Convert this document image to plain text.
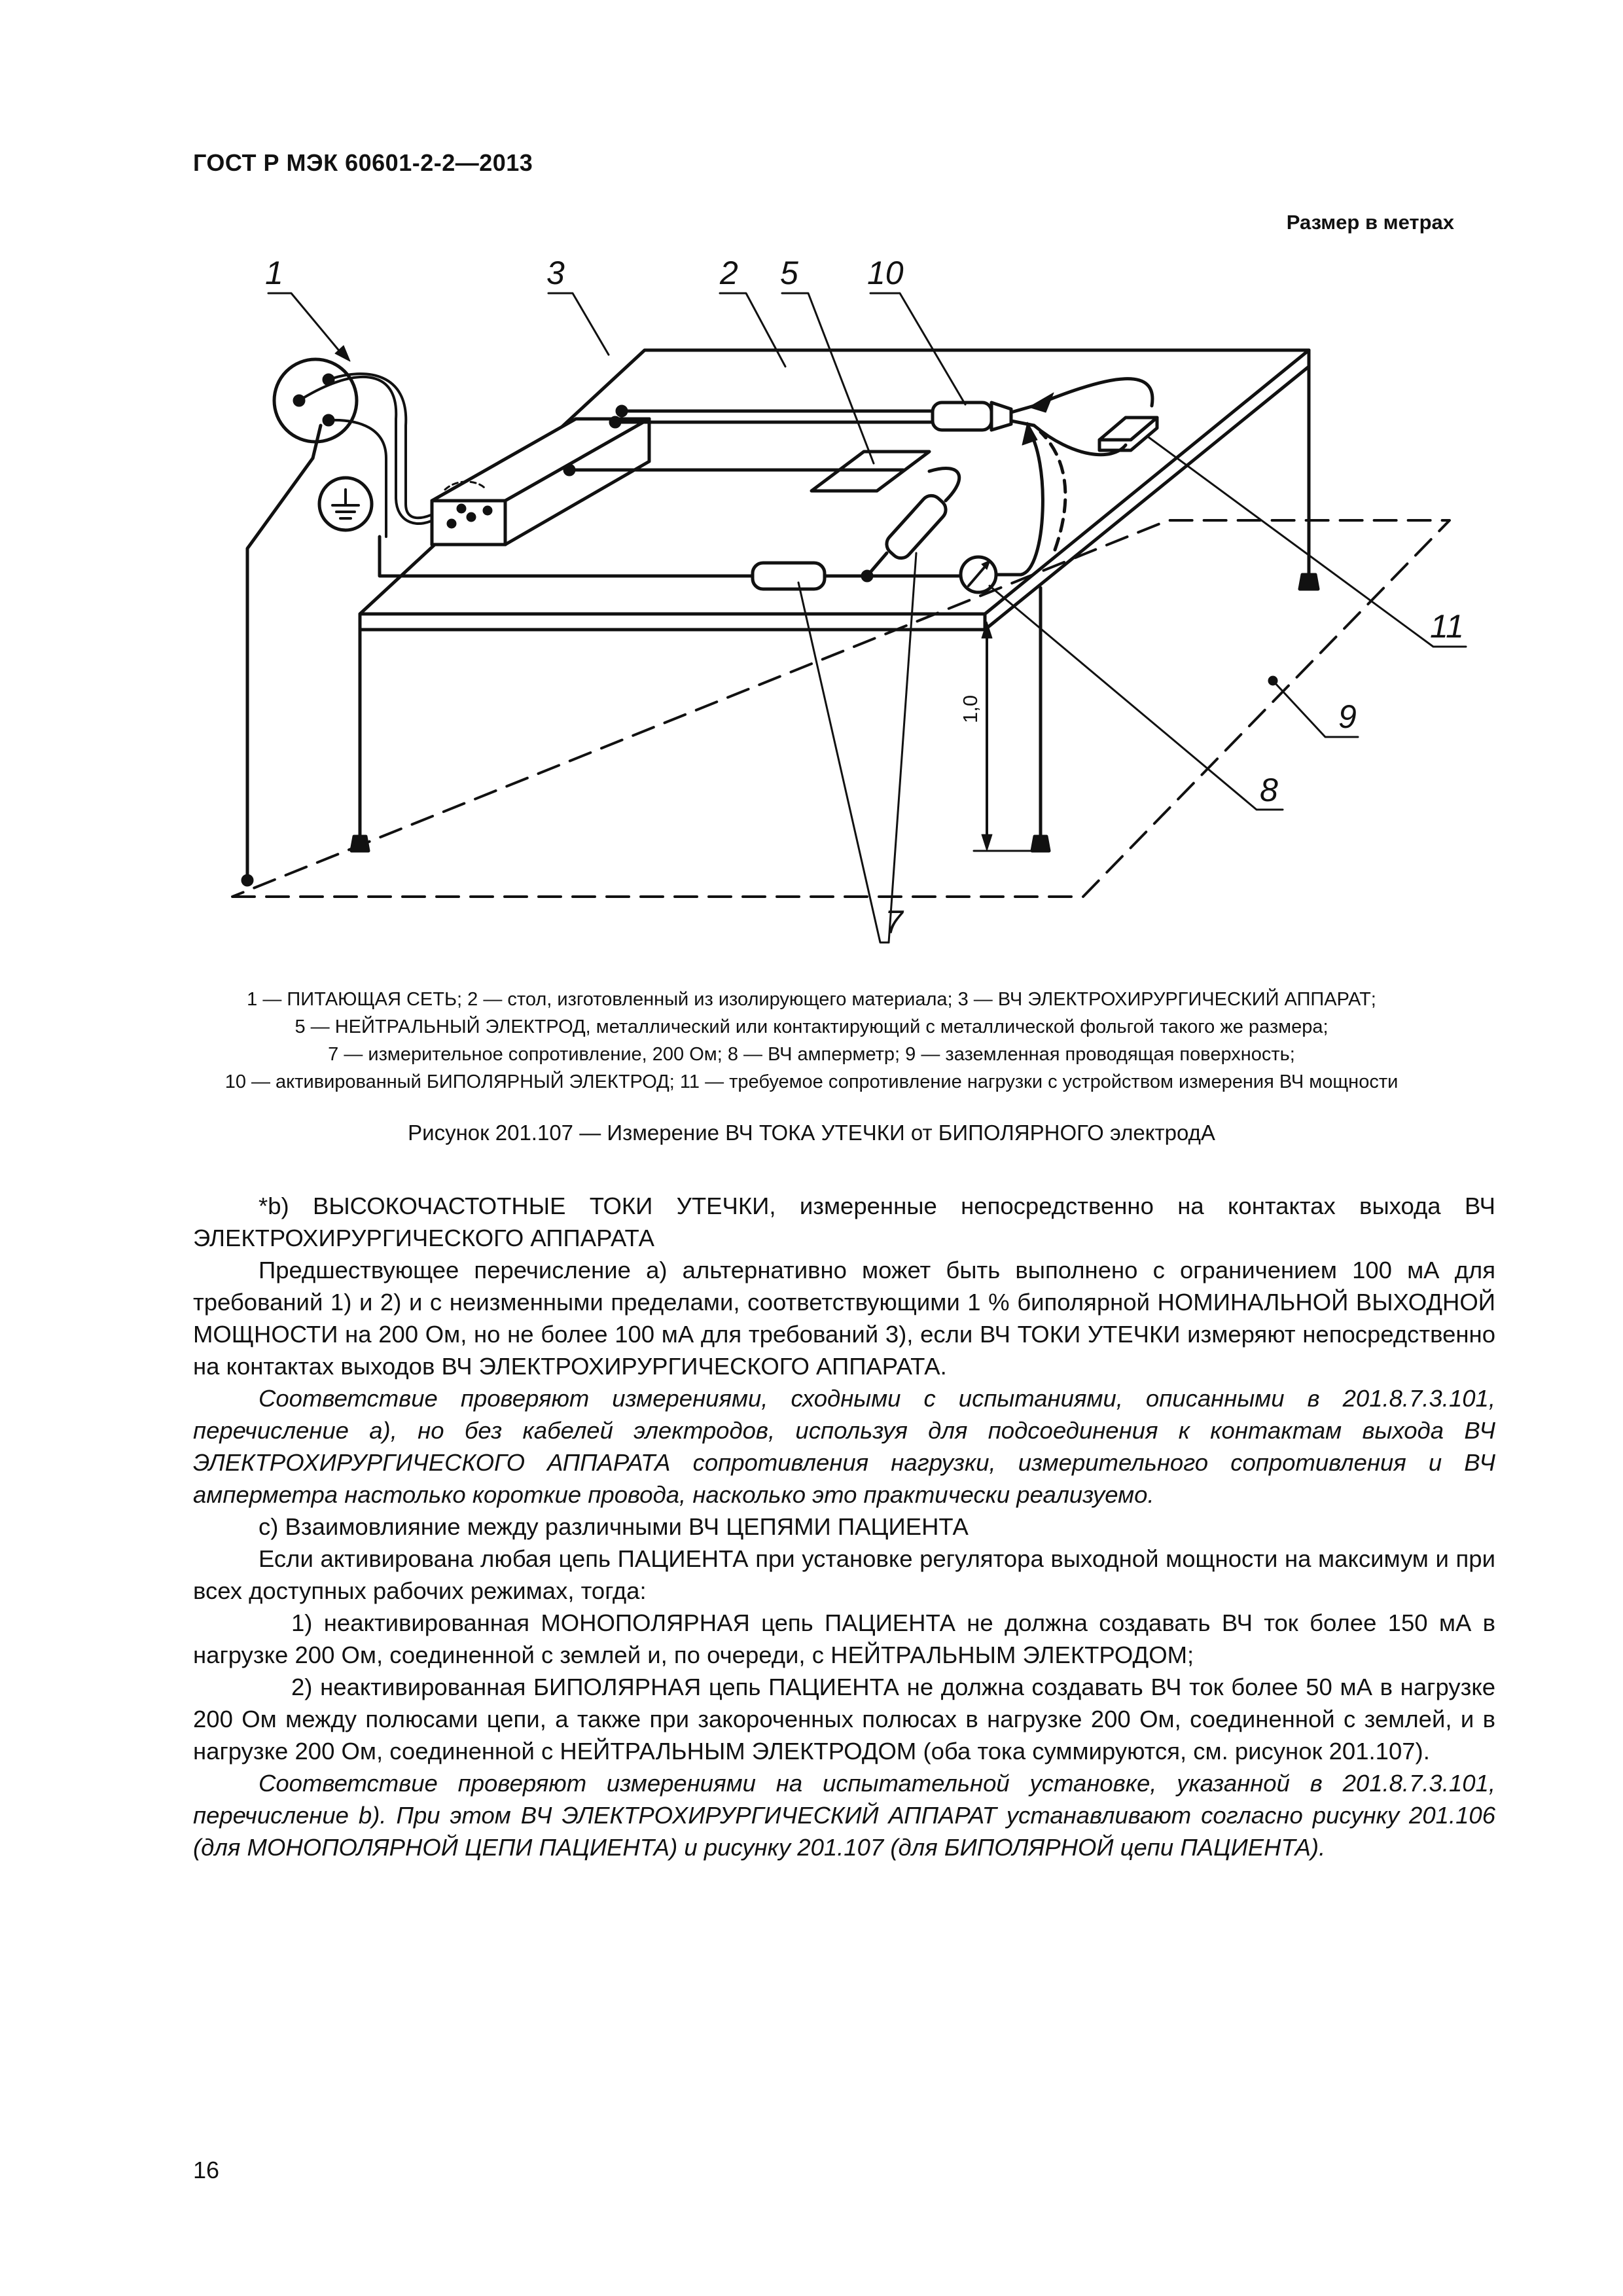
ГОСТ Р МЭК 60601-2-2—2013
Размер в метрах
1	3	2 5 10
11
9
8
7
1,0
1 — ПИТАЮЩАЯ СЕТЬ; 2 — стол, изготовленный из изолирующего материала; 3 — ВЧ ЭЛЕКТРОХИРУРГИЧЕСКИЙ АППАРАТ;
5 — НЕЙТРАЛЬНЫЙ ЭЛЕКТРОД, металлический или контактирующий с металлической фольгой такого же размера;
7 — измерительное сопротивление, 200 Ом; 8 — ВЧ амперметр; 9 — заземленная проводящая поверхность;
10 — активированный БИПОЛЯРНЫЙ ЭЛЕКТРОД; 11 — требуемое сопротивление нагрузки с устройством измерения ВЧ мощности
Рисунок 201.107 — Измерение ВЧ ТОКА УТЕЧКИ от БИПОЛЯРНОГО электродА

*b) ВЫСОКОЧАСТОТНЫЕ ТОКИ УТЕЧКИ, измеренные непосредственно на контактах выхода ВЧ ЭЛЕКТРОХИРУРГИЧЕСКОГО АППАРАТА

Предшествующее перечисление а) альтернативно может быть выполнено с ограничением 100 мА для требований 1) и 2) и с неизменными пределами, соответствующими 1 % биполярной НОМИНАЛЬНОЙ ВЫХОДНОЙ МОЩНОСТИ на 200 Ом, но не более 100 мА для требований 3), если ВЧ ТОКИ УТЕЧКИ измеряют непосредственно на контактах выходов ВЧ ЭЛЕКТРОХИРУРГИЧЕСКОГО АППАРАТА.

Соответствие проверяют измерениями, сходными с испытаниями, описанными в 201.8.7.3.101, перечисление а), но без кабелей электродов, используя для подсоединения к контактам выхода ВЧ ЭЛЕКТРОХИРУРГИЧЕСКОГО АППАРАТА сопротивления нагрузки, измерительного сопротивления и ВЧ амперметра настолько короткие провода, насколько это практически реализуемо.

с) Взаимовлияние между различными ВЧ ЦЕПЯМИ ПАЦИЕНТА

Если активирована любая цепь ПАЦИЕНТА при установке регулятора выходной мощности на максимум и при всех доступных рабочих режимах, тогда:

1) неактивированная МОНОПОЛЯРНАЯ цепь ПАЦИЕНТА не должна создавать ВЧ ток более 150 мА в нагрузке 200 Ом, соединенной с землей и, по очереди, с НЕЙТРАЛЬНЫМ ЭЛЕКТРОДОМ;

2) неактивированная БИПОЛЯРНАЯ цепь ПАЦИЕНТА не должна создавать ВЧ ток более 50 мА в нагрузке 200 Ом между полюсами цепи, а также при закороченных полюсах в нагрузке 200 Ом, соединенной с землей, и в нагрузке 200 Ом, соединенной с НЕЙТРАЛЬНЫМ ЭЛЕКТРОДОМ (оба тока суммируются, см. рисунок 201.107).

Соответствие проверяют измерениями на испытательной установке, указанной в 201.8.7.3.101, перечисление b). При этом ВЧ ЭЛЕКТРОХИРУРГИЧЕСКИЙ АППАРАТ устанавливают согласно рисунку 201.106 (для МОНОПОЛЯРНОЙ ЦЕПИ ПАЦИЕНТА) и рисунку 201.107 (для БИПОЛЯРНОЙ цепи ПАЦИЕНТА).

16
